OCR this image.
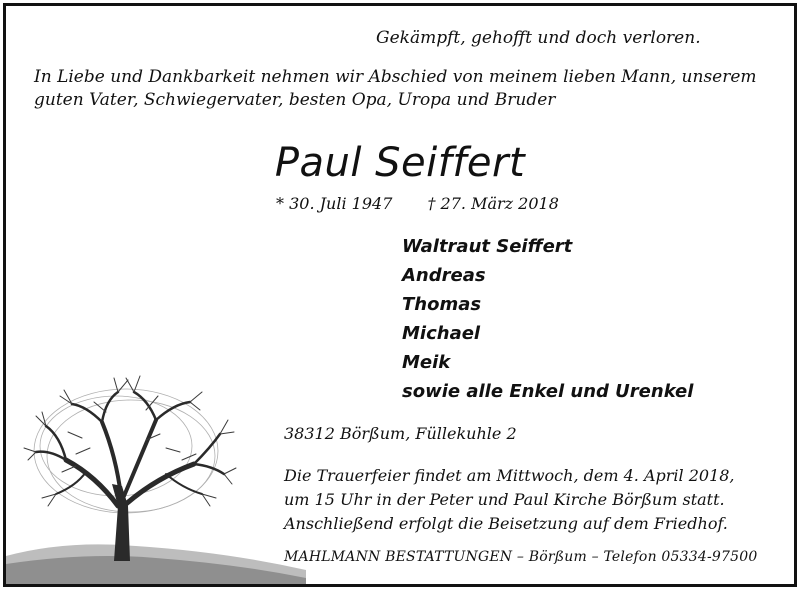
Gekämpft, gehofft und doch verloren.
In Liebe und Dankbarkeit nehmen wir Abschied von meinem lieben Mann, unserem guten Vater, Schwiegervater, besten Opa, Uropa und Bruder
Paul Seiffert
* 30. Juli 1947 † 27. März 2018
Waltraut Seiffert
Andreas
Thomas
Michael
Meik
sowie alle Enkel und Urenkel
38312 Börßum, Füllekuhle 2
Die Trauerfeier findet am Mittwoch, dem 4. April 2018,
um 15 Uhr in der Peter und Paul Kirche Börßum statt.
Anschließend erfolgt die Beisetzung auf dem Friedhof.
MAHLMANN BESTATTUNGEN – Börßum – Telefon 05334-97500
